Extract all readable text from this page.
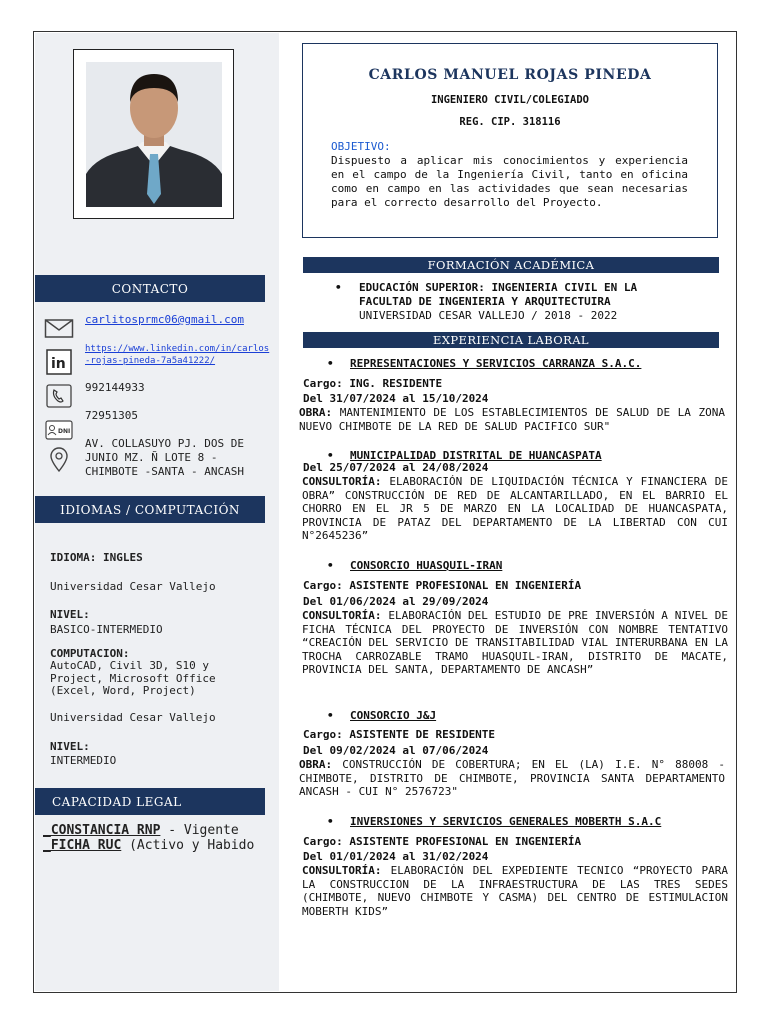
CONTACTO
carlitosprmc06@gmail.com
in
https://www.linkedin.com/in/carlos-rojas-pineda-7a5a41222/
992144933
DNI
72951305
AV. COLLASUYO PJ. DOS DE JUNIO MZ. Ñ LOTE 8 - CHIMBOTE -SANTA - ANCASH
IDIOMAS / COMPUTACIÓN
IDIOMA: INGLES
Universidad Cesar Vallejo
NIVEL:
BASICO-INTERMEDIO
COMPUTACION:
AutoCAD, Civil 3D, S10 y Project, Microsoft Office (Excel, Word, Project)
Universidad Cesar Vallejo
NIVEL:
INTERMEDIO
CAPACIDAD LEGAL
_CONSTANCIA RNP - Vigente
_FICHA RUC (Activo y Habido
CARLOS MANUEL ROJAS PINEDA
INGENIERO CIVIL/COLEGIADO
REG. CIP. 318116
OBJETIVO:
Dispuesto a aplicar mis conocimientos y experiencia en el campo de la Ingeniería Civil, tanto en oficina como en campo en las actividades que sean necesarias para el correcto desarrollo del Proyecto.
FORMACIÓN ACADÉMICA
• EDUCACIÓN SUPERIOR: INGENIERIA CIVIL EN LA
FACULTAD DE INGENIERIA Y ARQUITECTUIRA
UNIVERSIDAD CESAR VALLEJO / 2018 - 2022
EXPERIENCIA LABORAL
• REPRESENTACIONES Y SERVICIOS CARRANZA S.A.C.
Cargo: ING. RESIDENTE
Del 31/07/2024 al 15/10/2024
OBRA: MANTENIMIENTO DE LOS ESTABLECIMIENTOS DE SALUD DE LA ZONA NUEVO CHIMBOTE DE LA RED DE SALUD PACIFICO SUR"
• MUNICIPALIDAD DISTRITAL DE HUANCASPATA
Del 25/07/2024 al 24/08/2024
CONSULTORÍA: ELABORACIÓN DE LIQUIDACIÓN TÉCNICA Y FINANCIERA DE OBRA” CONSTRUCCIÓN DE RED DE ALCANTARILLADO, EN EL BARRIO EL CHORRO EN EL JR 5 DE MARZO EN LA LOCALIDAD DE HUANCASPATA, PROVINCIA DE PATAZ DEL DEPARTAMENTO DE LA LIBERTAD CON CUI N°2645236”
• CONSORCIO HUASQUIL-IRAN
Cargo: ASISTENTE PROFESIONAL EN INGENIERÍA
Del 01/06/2024 al 29/09/2024
CONSULTORÍA: ELABORACIÓN DEL ESTUDIO DE PRE INVERSIÓN A NIVEL DE FICHA TÉCNICA DEL PROYECTO DE INVERSIÓN CON NOMBRE TENTATIVO “CREACIÓN DEL SERVICIO DE TRANSITABILIDAD VIAL INTERURBANA EN LA TROCHA CARROZABLE TRAMO HUASQUIL-IRAN, DISTRITO DE MACATE, PROVINCIA DEL SANTA, DEPARTAMENTO DE ANCASH”
• CONSORCIO J&J
Cargo: ASISTENTE DE RESIDENTE
Del 09/02/2024 al 07/06/2024
OBRA: CONSTRUCCIÓN DE COBERTURA; EN EL (LA) I.E. N° 88008 - CHIMBOTE, DISTRITO DE CHIMBOTE, PROVINCIA SANTA DEPARTAMENTO ANCASH - CUI N° 2576723"
• INVERSIONES Y SERVICIOS GENERALES MOBERTH S.A.C
Cargo: ASISTENTE PROFESIONAL EN INGENIERÍA
Del 01/01/2024 al 31/02/2024
CONSULTORÍA: ELABORACIÓN DEL EXPEDIENTE TECNICO “PROYECTO PARA LA CONSTRUCCION DE LA INFRAESTRUCTURA DE LAS TRES SEDES (CHIMBOTE, NUEVO CHIMBOTE Y CASMA) DEL CENTRO DE ESTIMULACION MOBERTH KIDS”
